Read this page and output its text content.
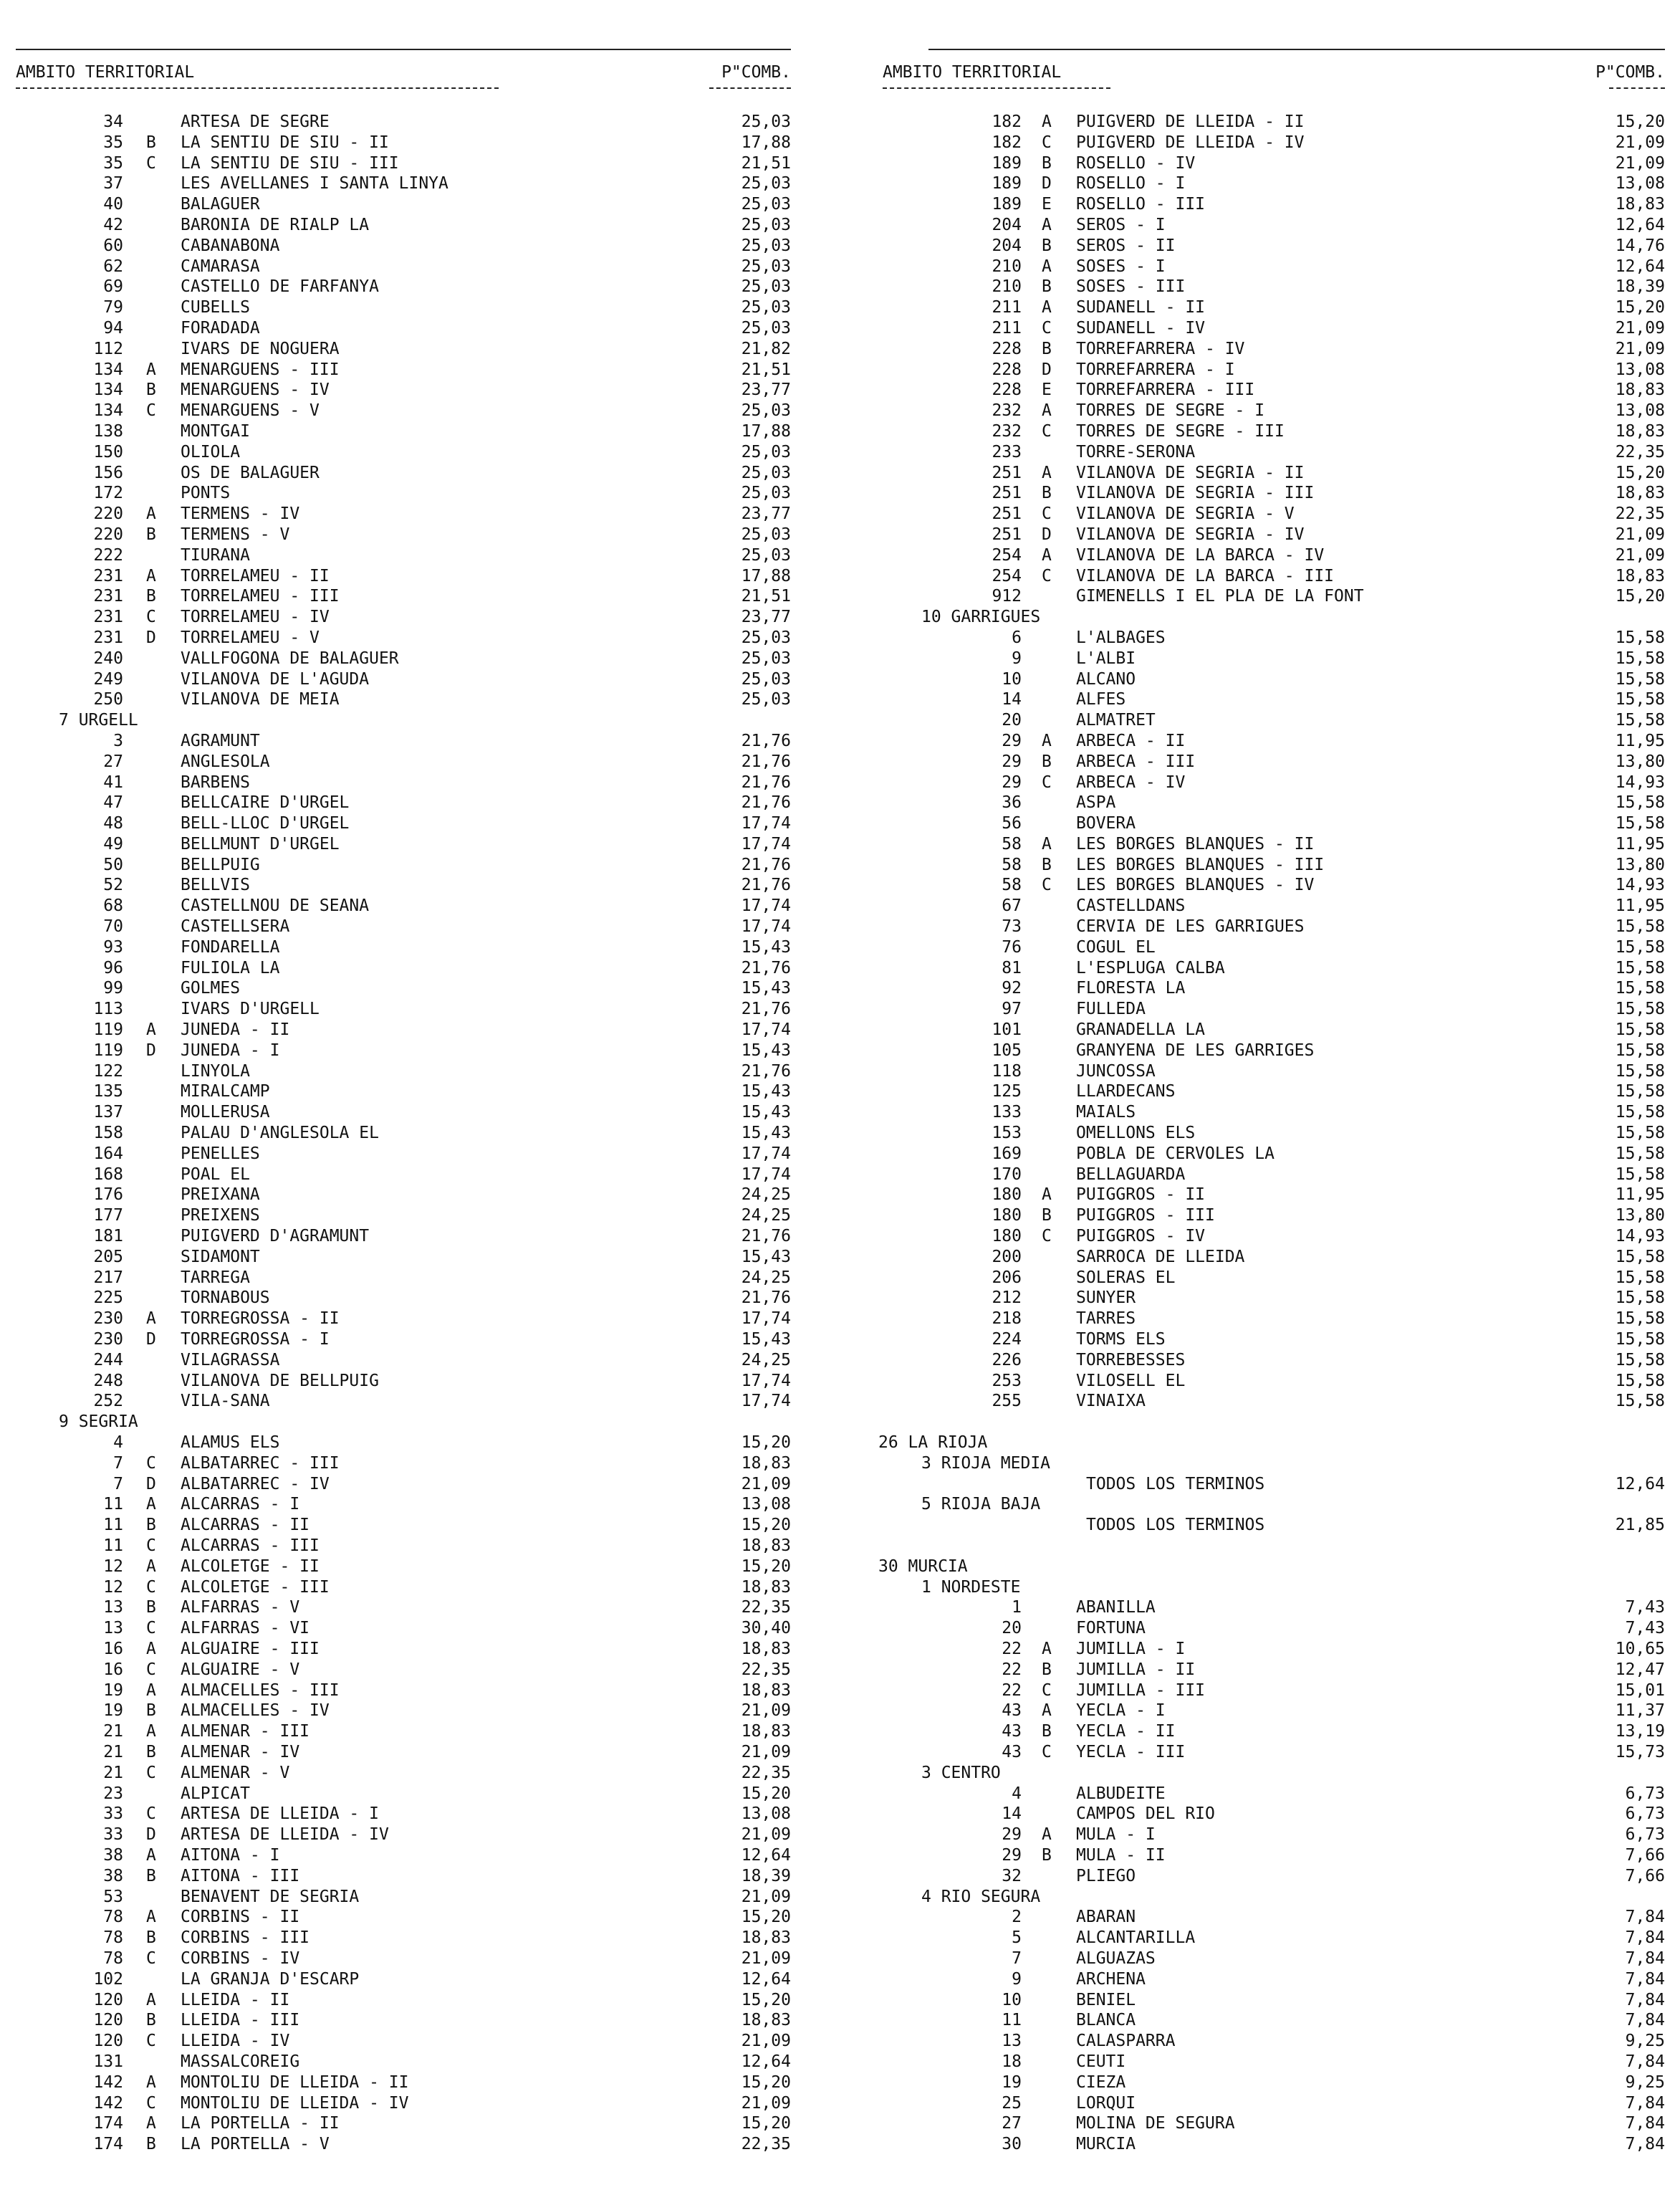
AMBITO TERRITORIAL	P"COMB.
34	ARTESA DE SEGRE	25,03
35 B LA SENTIU DE SIU - II	17,88
35 C LA SENTIU DE SIU - III	21,51
37	LES AVELLANES I SANTA LINYA	25,03
40	BALAGUER	25,03
42	BARONIA DE RIALP LA	25,03
60	CABANABONA	25,03
62	CAMARASA	25,03
69	CASTELLO DE FARFANYA	25,03
79	CUBELLS	25,03
94	FORADADA	25,03
112	IVARS DE NOGUERA	21,82
134 A MENARGUENS - III	21,51
134 B MENARGUENS - IV	23,77
134 C MENARGUENS - V	25,03
138	MONTGAI	17,88
150	OLIOLA	25,03
156	OS DE BALAGUER	25,03
172	PONTS	25,03
220 A TERMENS - IV	23,77
220 B TERMENS - V	25,03
222	TIURANA	25,03
231 A TORRELAMEU - II	17,88
231 B TORRELAMEU - III	21,51
231 C TORRELAMEU - IV	23,77
231 D TORRELAMEU - V	25,03
240	VALLFOGONA DE BALAGUER	25,03
249	VILANOVA DE L'AGUDA	25,03
250	VILANOVA DE MEIA	25,03
7 URGELL
3	AGRAMUNT	21,76
27	ANGLESOLA	21,76
41	BARBENS	21,76
47	BELLCAIRE D'URGEL	21,76
48	BELL-LLOC D'URGEL	17,74
49	BELLMUNT D'URGEL	17,74
50	BELLPUIG	21,76
52	BELLVIS	21,76
68	CASTELLNOU DE SEANA	17,74
70	CASTELLSERA	17,74
93	FONDARELLA	15,43
96	FULIOLA LA	21,76
99	GOLMES	15,43
113	IVARS D'URGELL	21,76
119 A JUNEDA - II	17,74
119 D JUNEDA - I	15,43
122	LINYOLA	21,76
135	MIRALCAMP	15,43
137	MOLLERUSA	15,43
158	PALAU D'ANGLESOLA EL	15,43
164	PENELLES	17,74
168	POAL EL	17,74
176	PREIXANA	24,25
177	PREIXENS	24,25
181	PUIGVERD D'AGRAMUNT	21,76
205	SIDAMONT	15,43
217	TARREGA	24,25
225	TORNABOUS	21,76
230 A TORREGROSSA - II	17,74
230 D TORREGROSSA - I	15,43
244	VILAGRASSA	24,25
248	VILANOVA DE BELLPUIG	17,74
252	VILA-SANA	17,74
9 SEGRIA
4	ALAMUS ELS	15,20
7 C ALBATARREC - III	18,83
7 D ALBATARREC - IV	21,09
11 A ALCARRAS - I	13,08
11 B ALCARRAS - II	15,20
11 C ALCARRAS - III	18,83
12 A ALCOLETGE - II	15,20
12 C ALCOLETGE - III	18,83
13 B ALFARRAS - V	22,35
13 C ALFARRAS - VI	30,40
16 A ALGUAIRE - III	18,83
16 C ALGUAIRE - V	22,35
19 A ALMACELLES - III	18,83
19 B ALMACELLES - IV	21,09
21 A ALMENAR - III	18,83
21 B ALMENAR - IV	21,09
21 C ALMENAR - V	22,35
23	ALPICAT	15,20
33 C ARTESA DE LLEIDA - I	13,08
33 D ARTESA DE LLEIDA - IV	21,09
38 A AITONA - I	12,64
38 B AITONA - III	18,39
53	BENAVENT DE SEGRIA	21,09
78 A CORBINS - II	15,20
78 B CORBINS - III	18,83
78 C CORBINS - IV	21,09
102	LA GRANJA D'ESCARP	12,64
120 A LLEIDA - II	15,20
120 B LLEIDA - III	18,83
120 C LLEIDA - IV	21,09
131	MASSALCOREIG	12,64
142 A MONTOLIU DE LLEIDA - II	15,20
142 C MONTOLIU DE LLEIDA - IV	21,09
174 A LA PORTELLA - II	15,20
174 B LA PORTELLA - V	22,35
AMBITO TERRITORIAL	P"COMB.
182 A PUIGVERD DE LLEIDA - II	15,20
182 C PUIGVERD DE LLEIDA - IV	21,09
189 B ROSELLO - IV	21,09
189 D ROSELLO - I	13,08
189 E ROSELLO - III	18,83
204 A SEROS - I	12,64
204 B SEROS - II	14,76
210 A SOSES - I	12,64
210 B SOSES - III	18,39
211 A SUDANELL - II	15,20
211 C SUDANELL - IV	21,09
228 B TORREFARRERA - IV	21,09
228 D TORREFARRERA - I	13,08
228 E TORREFARRERA - III	18,83
232 A TORRES DE SEGRE - I	13,08
232 C TORRES DE SEGRE - III	18,83
233	TORRE-SERONA	22,35
251 A VILANOVA DE SEGRIA - II	15,20
251 B VILANOVA DE SEGRIA - III	18,83
251 C VILANOVA DE SEGRIA - V	22,35
251 D VILANOVA DE SEGRIA - IV	21,09
254 A VILANOVA DE LA BARCA - IV	21,09
254 C VILANOVA DE LA BARCA - III	18,83
912	GIMENELLS I EL PLA DE LA FONT	15,20
10 GARRIGUES
6	L'ALBAGES	15,58
9	L'ALBI	15,58
10	ALCANO	15,58
14	ALFES	15,58
20	ALMATRET	15,58
29 A ARBECA - II	11,95
29 B ARBECA - III	13,80
29 C ARBECA - IV	14,93
36	ASPA	15,58
56	BOVERA	15,58
58 A LES BORGES BLANQUES - II	11,95
58 B LES BORGES BLANQUES - III	13,80
58 C LES BORGES BLANQUES - IV	14,93
67	CASTELLDANS	11,95
73	CERVIA DE LES GARRIGUES	15,58
76	COGUL EL	15,58
81	L'ESPLUGA CALBA	15,58
92	FLORESTA LA	15,58
97	FULLEDA	15,58
101	GRANADELLA LA	15,58
105	GRANYENA DE LES GARRIGES	15,58
118	JUNCOSSA	15,58
125	LLARDECANS	15,58
133	MAIALS	15,58
153	OMELLONS ELS	15,58
169	POBLA DE CERVOLES LA	15,58
170	BELLAGUARDA	15,58
180 A PUIGGROS - II	11,95
180 B PUIGGROS - III	13,80
180 C PUIGGROS - IV	14,93
200	SARROCA DE LLEIDA	15,58
206	SOLERAS EL	15,58
212	SUNYER	15,58
218	TARRES	15,58
224	TORMS ELS	15,58
226	TORREBESSES	15,58
253	VILOSELL EL	15,58
255	VINAIXA	15,58
26 LA RIOJA
3 RIOJA MEDIA
TODOS LOS TERMINOS	12,64
5 RIOJA BAJA
TODOS LOS TERMINOS	21,85
30 MURCIA
1 NORDESTE
1	ABANILLA	7,43
20	FORTUNA	7,43
22 A JUMILLA - I	10,65
22 B JUMILLA - II	12,47
22 C JUMILLA - III	15,01
43 A YECLA - I	11,37
43 B YECLA - II	13,19
43 C YECLA - III	15,73
3 CENTRO
4	ALBUDEITE	6,73
14	CAMPOS DEL RIO	6,73
29 A MULA - I	6,73
29 B MULA - II	7,66
32	PLIEGO	7,66
4 RIO SEGURA
2	ABARAN	7,84
5	ALCANTARILLA	7,84
7	ALGUAZAS	7,84
9	ARCHENA	7,84
10	BENIEL	7,84
11	BLANCA	7,84
13	CALASPARRA	9,25
18	CEUTI	7,84
19	CIEZA	9,25
25	LORQUI	7,84
27	MOLINA DE SEGURA	7,84
30	MURCIA	7,84
